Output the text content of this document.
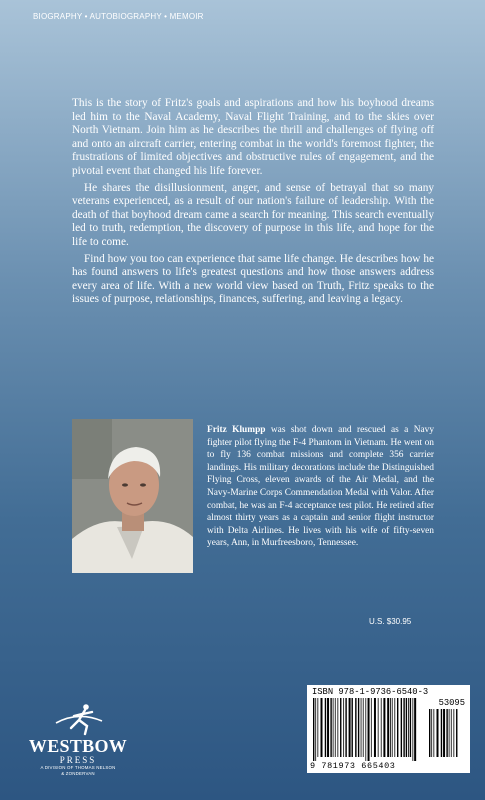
BIOGRAPHY • AUTOBIOGRAPHY • MEMOIR

This is the story of Fritz's goals and aspirations and how his boyhood dreams led him to the Naval Academy, Naval Flight Training, and to the skies over North Vietnam. Join him as he describes the thrill and challenges of flying off and onto an aircraft carrier, entering combat in the world's foremost fighter, the frustrations of limited objectives and obstructive rules of engagement, and the pivotal event that changed his life forever.

He shares the disillusionment, anger, and sense of betrayal that so many veterans experienced, as a result of our nation's failure of leadership. With the death of that boyhood dream came a search for meaning. This search eventually led to truth, redemption, the discovery of purpose in this life, and hope for the life to come.

Find how you too can experience that same life change. He describes how he has found answers to life's greatest questions and how those answers address every area of life. With a new world view based on Truth, Fritz speaks to the issues of purpose, relationships, finances, suffering, and leaving a legacy.

Fritz Klumpp was shot down and rescued as a Navy fighter pilot flying the F-4 Phantom in Vietnam. He went on to fly 136 combat missions and complete 356 carrier landings. His military decorations include the Distinguished Flying Cross, eleven awards of the Air Medal, and the Navy-Marine Corps Commendation Medal with Valor. After combat, he was an F-4 acceptance test pilot. He retired after almost thirty years as a captain and senior flight instructor with Delta Airlines. He lives with his wife of fifty-seven years, Ann, in Murfreesboro, Tennessee.
U.S. $30.95
ISBN 978-1-9736-6540-3
53095
9 781973 665403
WESTBOW
PRESS
A DIVISION OF THOMAS NELSON
& ZONDERVAN
